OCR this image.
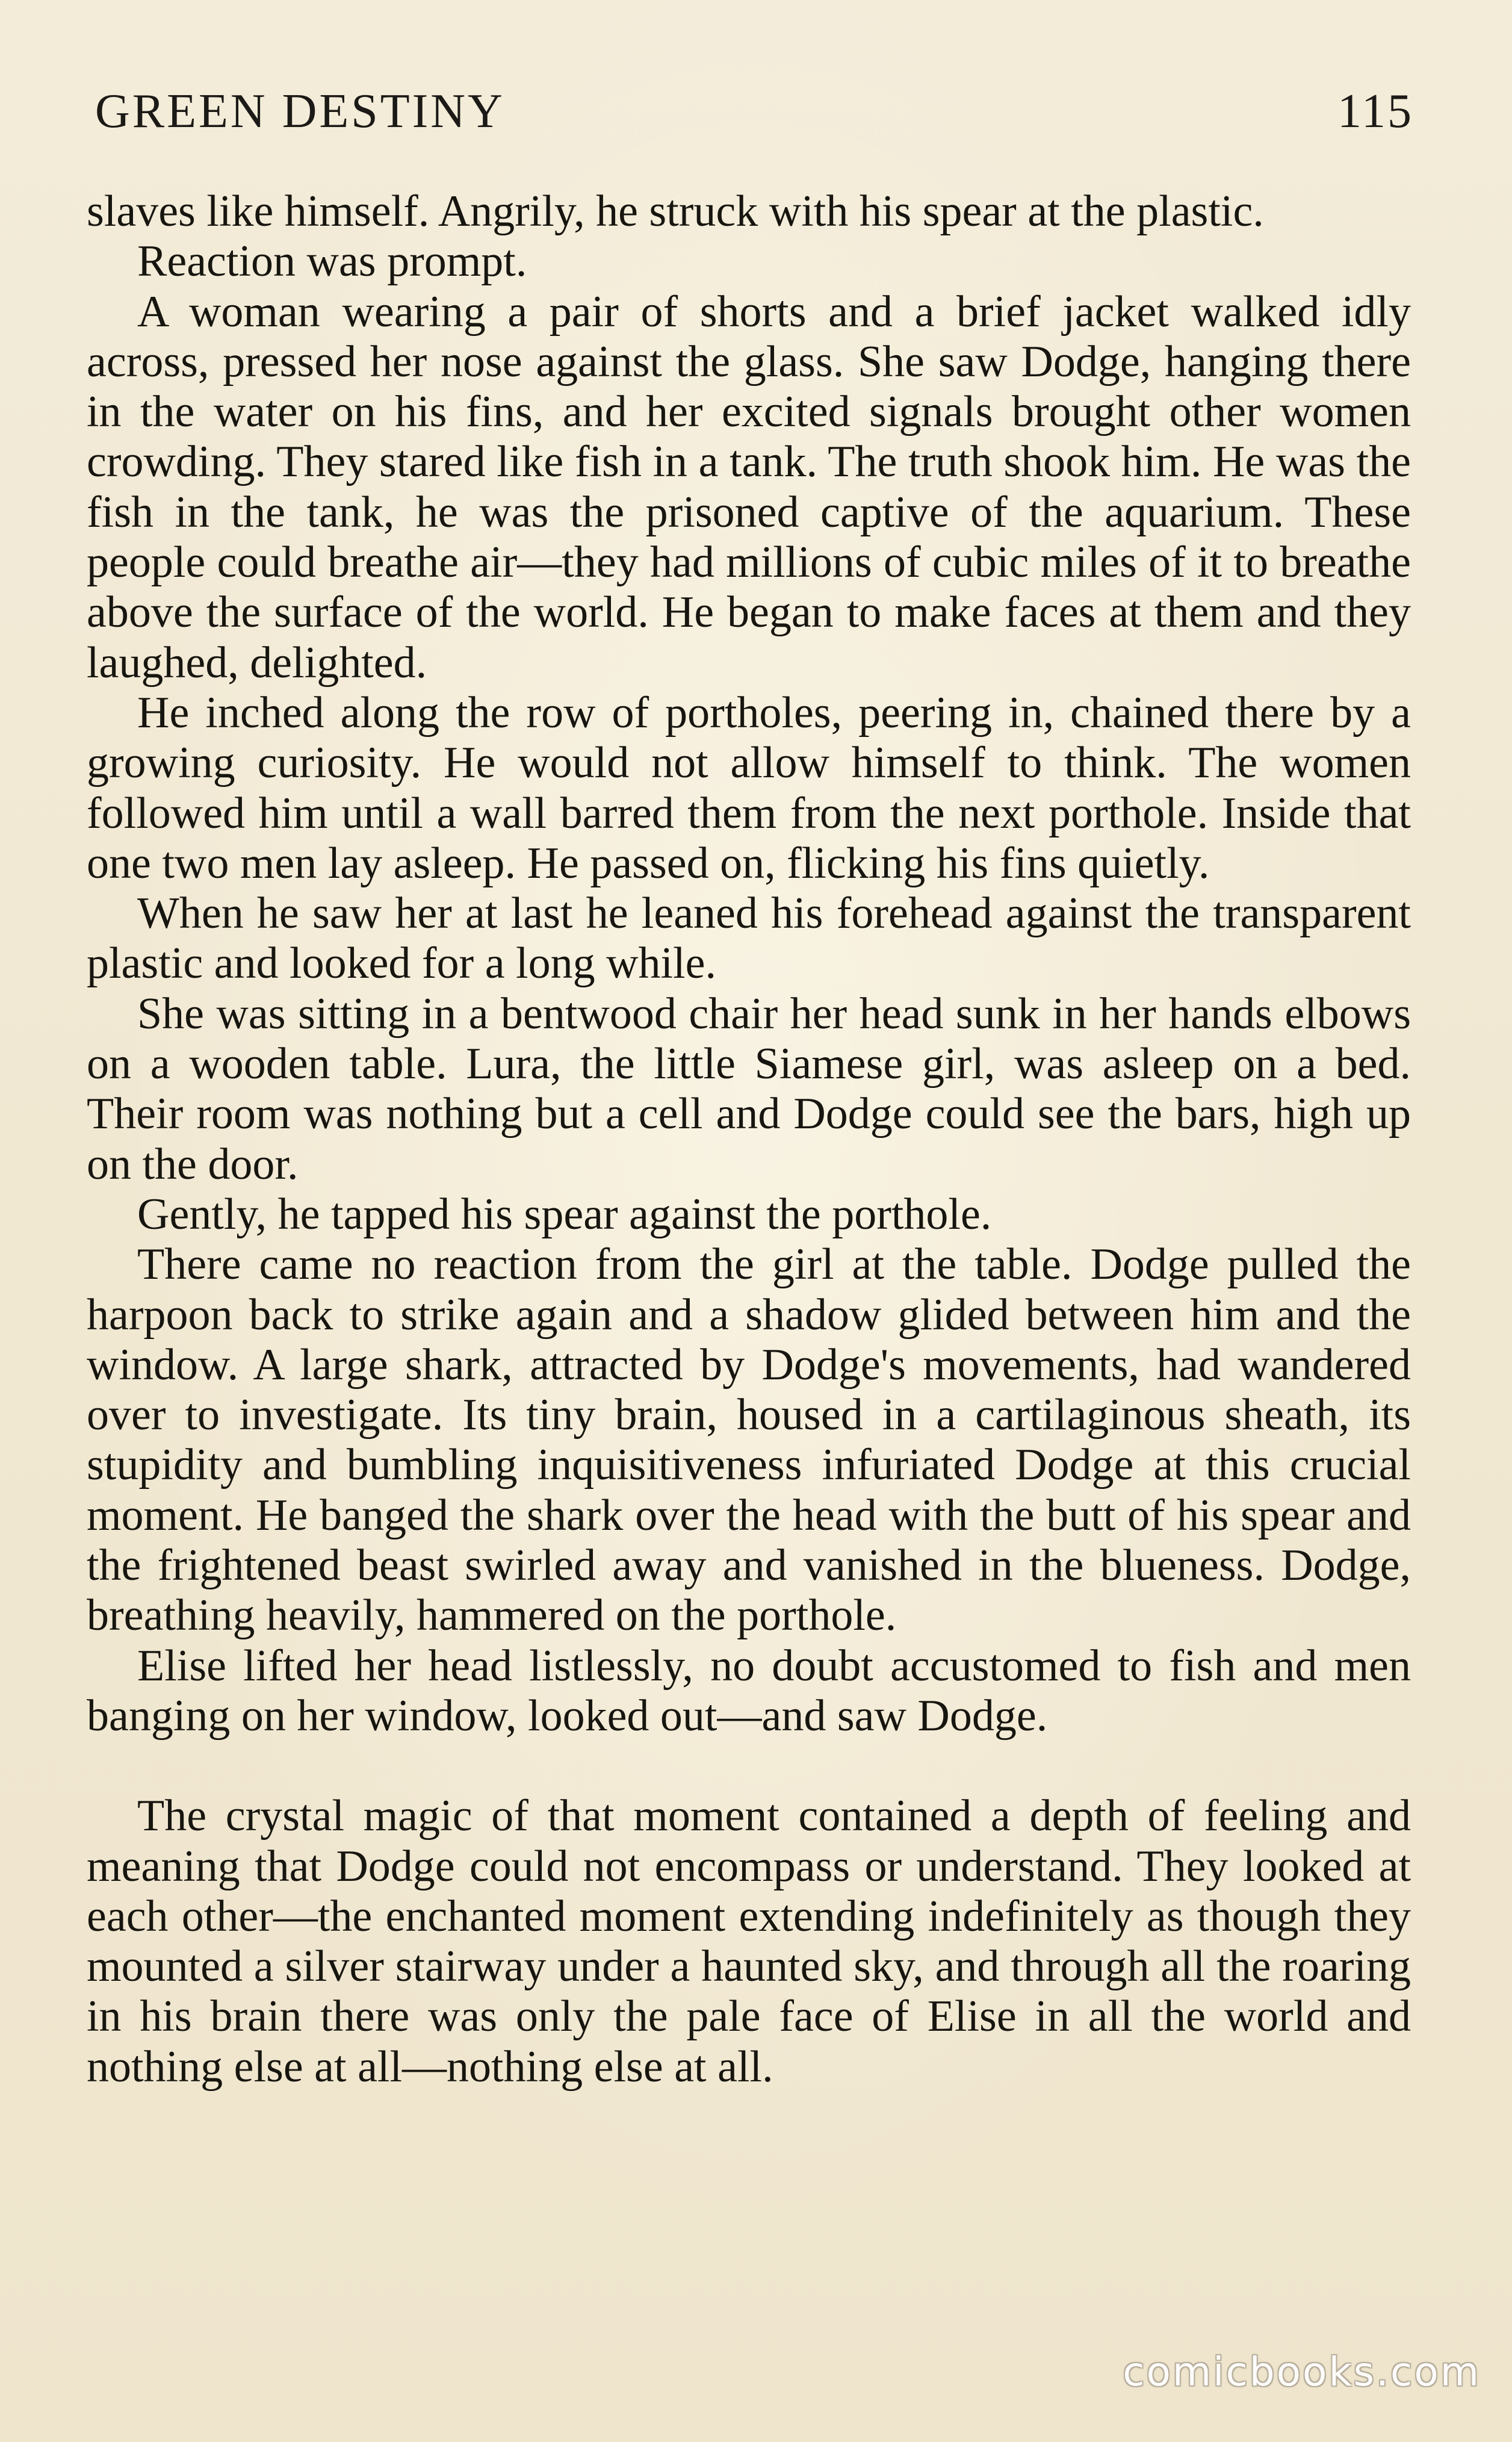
GREEN DESTINY	115

slaves like himself. Angrily, he struck with his spear at the plastic.

Reaction was prompt.

A woman wearing a pair of shorts and a brief jacket walked idly across, pressed her nose against the glass. She saw Dodge, hanging there in the water on his fins, and her excited signals brought other women crowding. They stared like fish in a tank. The truth shook him. He was the fish in the tank, he was the prisoned captive of the aquarium. These people could breathe air—they had millions of cubic miles of it to breathe above the surface of the world. He began to make faces at them and they laughed, delighted.

He inched along the row of portholes, peering in, chained there by a growing curiosity. He would not allow himself to think. The women followed him until a wall barred them from the next porthole. Inside that one two men lay asleep. He passed on, flicking his fins quietly.

When he saw her at last he leaned his forehead against the transparent plastic and looked for a long while.

She was sitting in a bentwood chair her head sunk in her hands elbows on a wooden table. Lura, the little Siamese girl, was asleep on a bed. Their room was nothing but a cell and Dodge could see the bars, high up on the door.

Gently, he tapped his spear against the porthole.

There came no reaction from the girl at the table. Dodge pulled the harpoon back to strike again and a shadow glided between him and the window. A large shark, attracted by Dodge's movements, had wandered over to investigate. Its tiny brain, housed in a cartilaginous sheath, its stupidity and bumbling inquisitiveness infuriated Dodge at this crucial moment. He banged the shark over the head with the butt of his spear and the frightened beast swirled away and vanished in the blueness. Dodge, breathing heavily, hammered on the porthole.

Elise lifted her head listlessly, no doubt accustomed to fish and men banging on her window, looked out—and saw Dodge.

The crystal magic of that moment contained a depth of feeling and meaning that Dodge could not encompass or understand. They looked at each other—the enchanted moment extending indefinitely as though they mounted a silver stairway under a haunted sky, and through all the roaring in his brain there was only the pale face of Elise in all the world and nothing else at all—nothing else at all.

comicbooks.com
